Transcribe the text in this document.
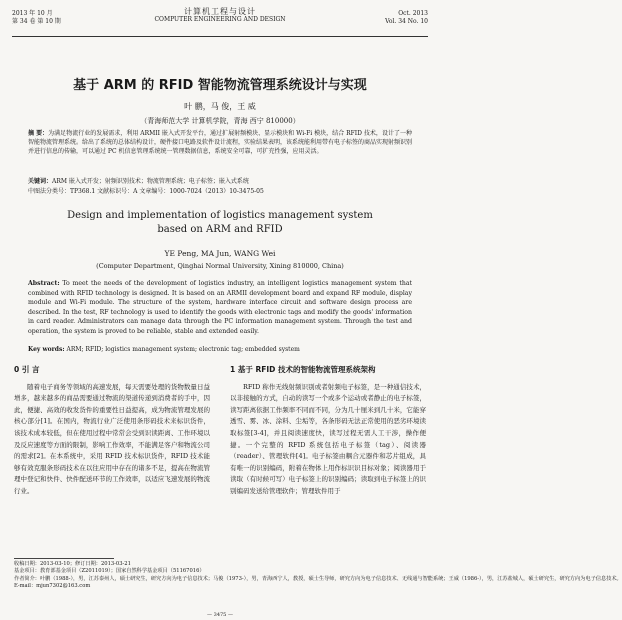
2013 年 10 月
第 34 卷 第 10 期
计算机工程与设计
COMPUTER ENGINEERING AND DESIGN
Oct. 2013
Vol. 34 No. 10
基于 ARM 的 RFID 智能物流管理系统设计与实现
叶 鹏，马 俊，王 威
（青海师范大学 计算机学院，青海 西宁 810000）
摘 要：为满足物流行业的发展需求，利用 ARMII 嵌入式开发平台，通过扩展射频模块、显示模块和 Wi-Fi 模块，结合 RFID 技术，设计了一种智能物流管理系统。给出了系统的总体结构设计，硬件接口电路及软件设计流程，实验结果表明，该系统能利用带有电子标签的商品实现射频识别并进行信息的传输，可以通过 PC 机信息管理系统统一管理数据信息，系统安全可靠，可扩充性强，应用灵活。
关键词：ARM 嵌入式开发；射频识别技术；物流管理系统；电子标签；嵌入式系统
中图法分类号：TP368.1 文献标识号：A 文章编号：1000-7024（2013）10-3475-05
Design and implementation of logistics management system
based on ARM and RFID
YE Peng, MA Jun, WANG Wei
(Computer Department, Qinghai Normal University, Xining 810000, China)
Abstract: To meet the needs of the development of logistics industry, an intelligent logistics management system that combined with RFID technology is designed. It is based on an ARMII development board and expand RF module, display module and Wi-Fi module. The structure of the system, hardware interface circuit and software design process are described. In the test, RF technology is used to identify the goods with electronic tags and modify the goods' information in card reader. Administrators can manage data through the PC information management system. Through the test and operation, the system is proved to be reliable, stable and extended easily.
Key words: ARM; RFID; logistics management system; electronic tag; embedded system
0 引 言

随着电子商务等领域的高速发展，每天需要处理的货物数量日益增多，越来越多的商品需要通过物流的渠道传递到消费者的手中，因此，便捷、高效的收发货件的重要性日益提高，成为物流管理发展的核心部分[1]。在国内，物流行业广泛使用条形码技术来标识货件，该技术成本较低，但在使用过程中常常会受到识读距离、工作环境以及反应速度等方面的限制，影响工作效率，不能满足客户和物流公司的需求[2]。在本系统中，采用 RFID 技术标识货件，RFID 技术能够有效克服条形码技术在以往应用中存在的诸多不足，提高在物流管理中登记和快件、快件配送环节的工作效率，以适应飞速发展的物流行业。

1 基于 RFID 技术的智能物流管理系统架构

RFID 称作无线射频识别或者射频电子标签，是一种通信技术，以非接触的方式，自动的读写一个或多个运动或者静止的电子标签，读写距离依据工作频率不同而不同，分为几十厘米到几十米，它能穿透雪、雾、冰、涂料、尘垢等，各条形码无法正常使用的恶劣环境读取标签[3-4]，并且阅读速度快，读写过程无需人工干涉，操作便捷。一个完整的 RFID 系统包括电子标签（tag）、阅读器（reader）、管理软件[4]。电子标签由耦合元器件和芯片组成，具有唯一的识别编码，附着在物体上用作标识识目标对象；阅读器用于读取（有时候可写）电子标签上的识别编码；读取到电子标签上的识别编码发送给管理软件；管理软件用于

收稿日期：2013-03-10；修订日期：2013-03-21
基金项目：教育部基金项目（Z2011019）；国家自然科学基金项目（51167016）
作者简介：叶鹏（1988-），男，江苏泰州人，硕士研究生，研究方向为电子信息技术；马俊（1973-），男，青海西宁人，教授，硕士生导师，研究方向为电子信息技术、无线通与智能系统；王威（1986-），男，江苏盐城人，硕士研究生，研究方向为电子信息技术。
E-mail：mjun7302@163.com
— 3475 —
